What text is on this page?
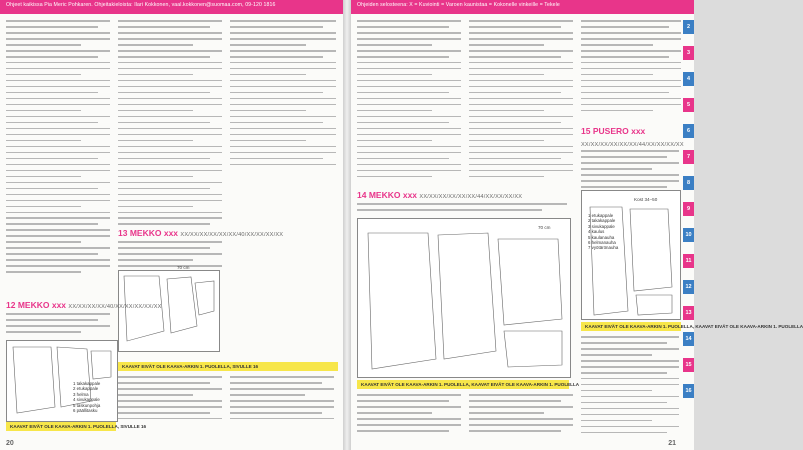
Ohjeet kaikissa Pia Meric Pohkaren. Ohjeitakieloista: Ilari Kokkonen, vaal.kokkonen@suomaa.com, 09-120 1816
13 MEKKO xxx XX/XX/XX/XX/XX/XX/40/XX/XX/XX/XX
70 cm
12 MEKKO xxx XX/XX/XX/XX/40/XX/XX/XX/XX/XX
1 takakappale
2 etukappale
3 helma
4 sivukappale
5 taskunpohja
6 päällitasku
KAAVAT EIVÄT OLE KAAVA-ARKIN 1. PUOLELLA, SIVULLE 16
KAAVAT EIVÄT OLE KAAVA-ARKIN 1. PUOLELLA, SIVULLE 16
20
Ohjeiden selosteena: X = Kuviointi = Varoen kaunistaa = Kokonelle vinkeille = Tekele
14 MEKKO xxx XX/XX/XX/XX/XX/XX/44/XX/XX/XX/XX
70 cm
KAAVAT EIVÄT OLE KAAVA-ARKIN 1. PUOLELLA, KAAVAT EIVÄT OLE KAAVA-ARKIN 1. PUOLELLA
15 PUSERO xxx
XX/XX/XX/XX/XX/XX/44/XX/XX/XX/XX
Kost 34–50
1 etukappale
2 takakappale
3 sivukappale
4 kaulus
5 kaulanauha
6 helmanauha
7 vyötärönauha
KAAVAT EIVÄT OLE KAAVA-ARKIN 1. PUOLELLA, KAAVAT EIVÄT OLE KAAVA-ARKIN 1. PUOLELLA
2
3
4
5
6
7
8
9
10
11
12
13
14
15
16
21
